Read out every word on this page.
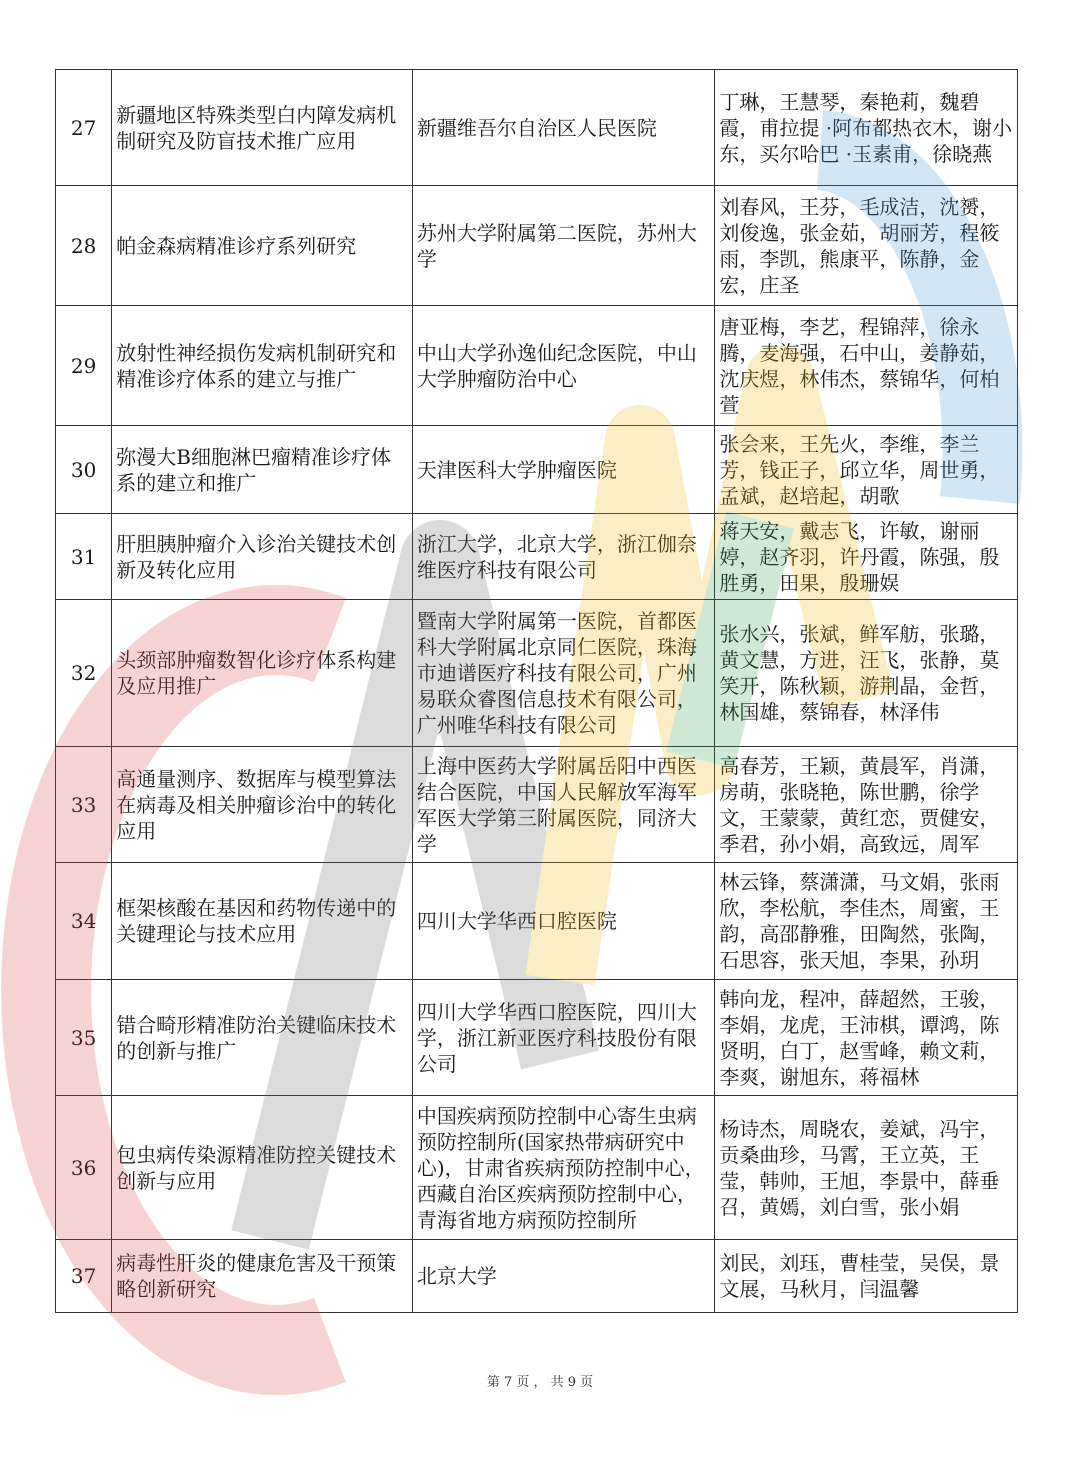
27	新疆地区特殊类型白内障发病机制研究及防盲技术推广应用	新疆维吾尔自治区人民医院	丁琳，王慧琴，秦艳莉，魏碧霞，甫拉提 ·阿布都热衣木，谢小东，买尔哈巴 ·玉素甫，徐晓燕
28	帕金森病精准诊疗系列研究	苏州大学附属第二医院，苏州大学	刘春风，王芬，毛成洁，沈赟，刘俊逸，张金茹，胡丽芳，程筱雨，李凯，熊康平，陈静，金宏，庄圣
29	放射性神经损伤发病机制研究和精准诊疗体系的建立与推广	中山大学孙逸仙纪念医院，中山大学肿瘤防治中心	唐亚梅，李艺，程锦萍，徐永腾，麦海强，石中山，姜静茹，沈庆煜，林伟杰，蔡锦华，何柏萱
30	弥漫大B细胞淋巴瘤精准诊疗体系的建立和推广	天津医科大学肿瘤医院	张会来，王先火，李维，李兰芳，钱正子，邱立华，周世勇，孟斌，赵培起，胡歌
31	肝胆胰肿瘤介入诊治关键技术创新及转化应用	浙江大学，北京大学，浙江伽奈维医疗科技有限公司	蒋天安，戴志飞，许敏，谢丽婷，赵齐羽，许丹霞，陈强，殷胜勇，田果，殷珊娱
32	头颈部肿瘤数智化诊疗体系构建及应用推广	暨南大学附属第一医院，首都医科大学附属北京同仁医院，珠海市迪谱医疗科技有限公司，广州易联众睿图信息技术有限公司，广州唯华科技有限公司	张水兴，张斌，鲜军舫，张璐，黄文慧，方进，汪飞，张静，莫笑开，陈秋颖，游荆晶，金哲，林国雄，蔡锦春，林泽伟
33	高通量测序、数据库与模型算法在病毒及相关肿瘤诊治中的转化应用	上海中医药大学附属岳阳中西医结合医院，中国人民解放军海军军医大学第三附属医院，同济大学	高春芳，王颖，黄晨军，肖潇，房萌，张晓艳，陈世鹏，徐学文，王蒙蒙，黄红恋，贾健安，季君，孙小娟，高致远，周军
34	框架核酸在基因和药物传递中的关键理论与技术应用	四川大学华西口腔医院	林云锋，蔡潇潇，马文娟，张雨欣，李松航，李佳杰，周蜜，王韵，高邵静雅，田陶然，张陶，石思容，张天旭，李果，孙玥
35	错合畸形精准防治关键临床技术的创新与推广	四川大学华西口腔医院，四川大学，浙江新亚医疗科技股份有限公司	韩向龙，程冲，薛超然，王骏，李娟，龙虎，王沛棋，谭鸿，陈贤明，白丁，赵雪峰，赖文莉，李爽，谢旭东，蒋福林
36	包虫病传染源精准防控关键技术创新与应用	中国疾病预防控制中心寄生虫病预防控制所(国家热带病研究中心)，甘肃省疾病预防控制中心，西藏自治区疾病预防控制中心，青海省地方病预防控制所	杨诗杰，周晓农，姜斌，冯宇，贡桑曲珍，马霄，王立英，王莹，韩帅，王旭，李景中，薛垂召，黄嫣，刘白雪，张小娟
37	病毒性肝炎的健康危害及干预策略创新研究	北京大学	刘民，刘珏，曹桂莹，吴俣，景文展，马秋月，闫温馨
第 7 页 ， 共 9 页
